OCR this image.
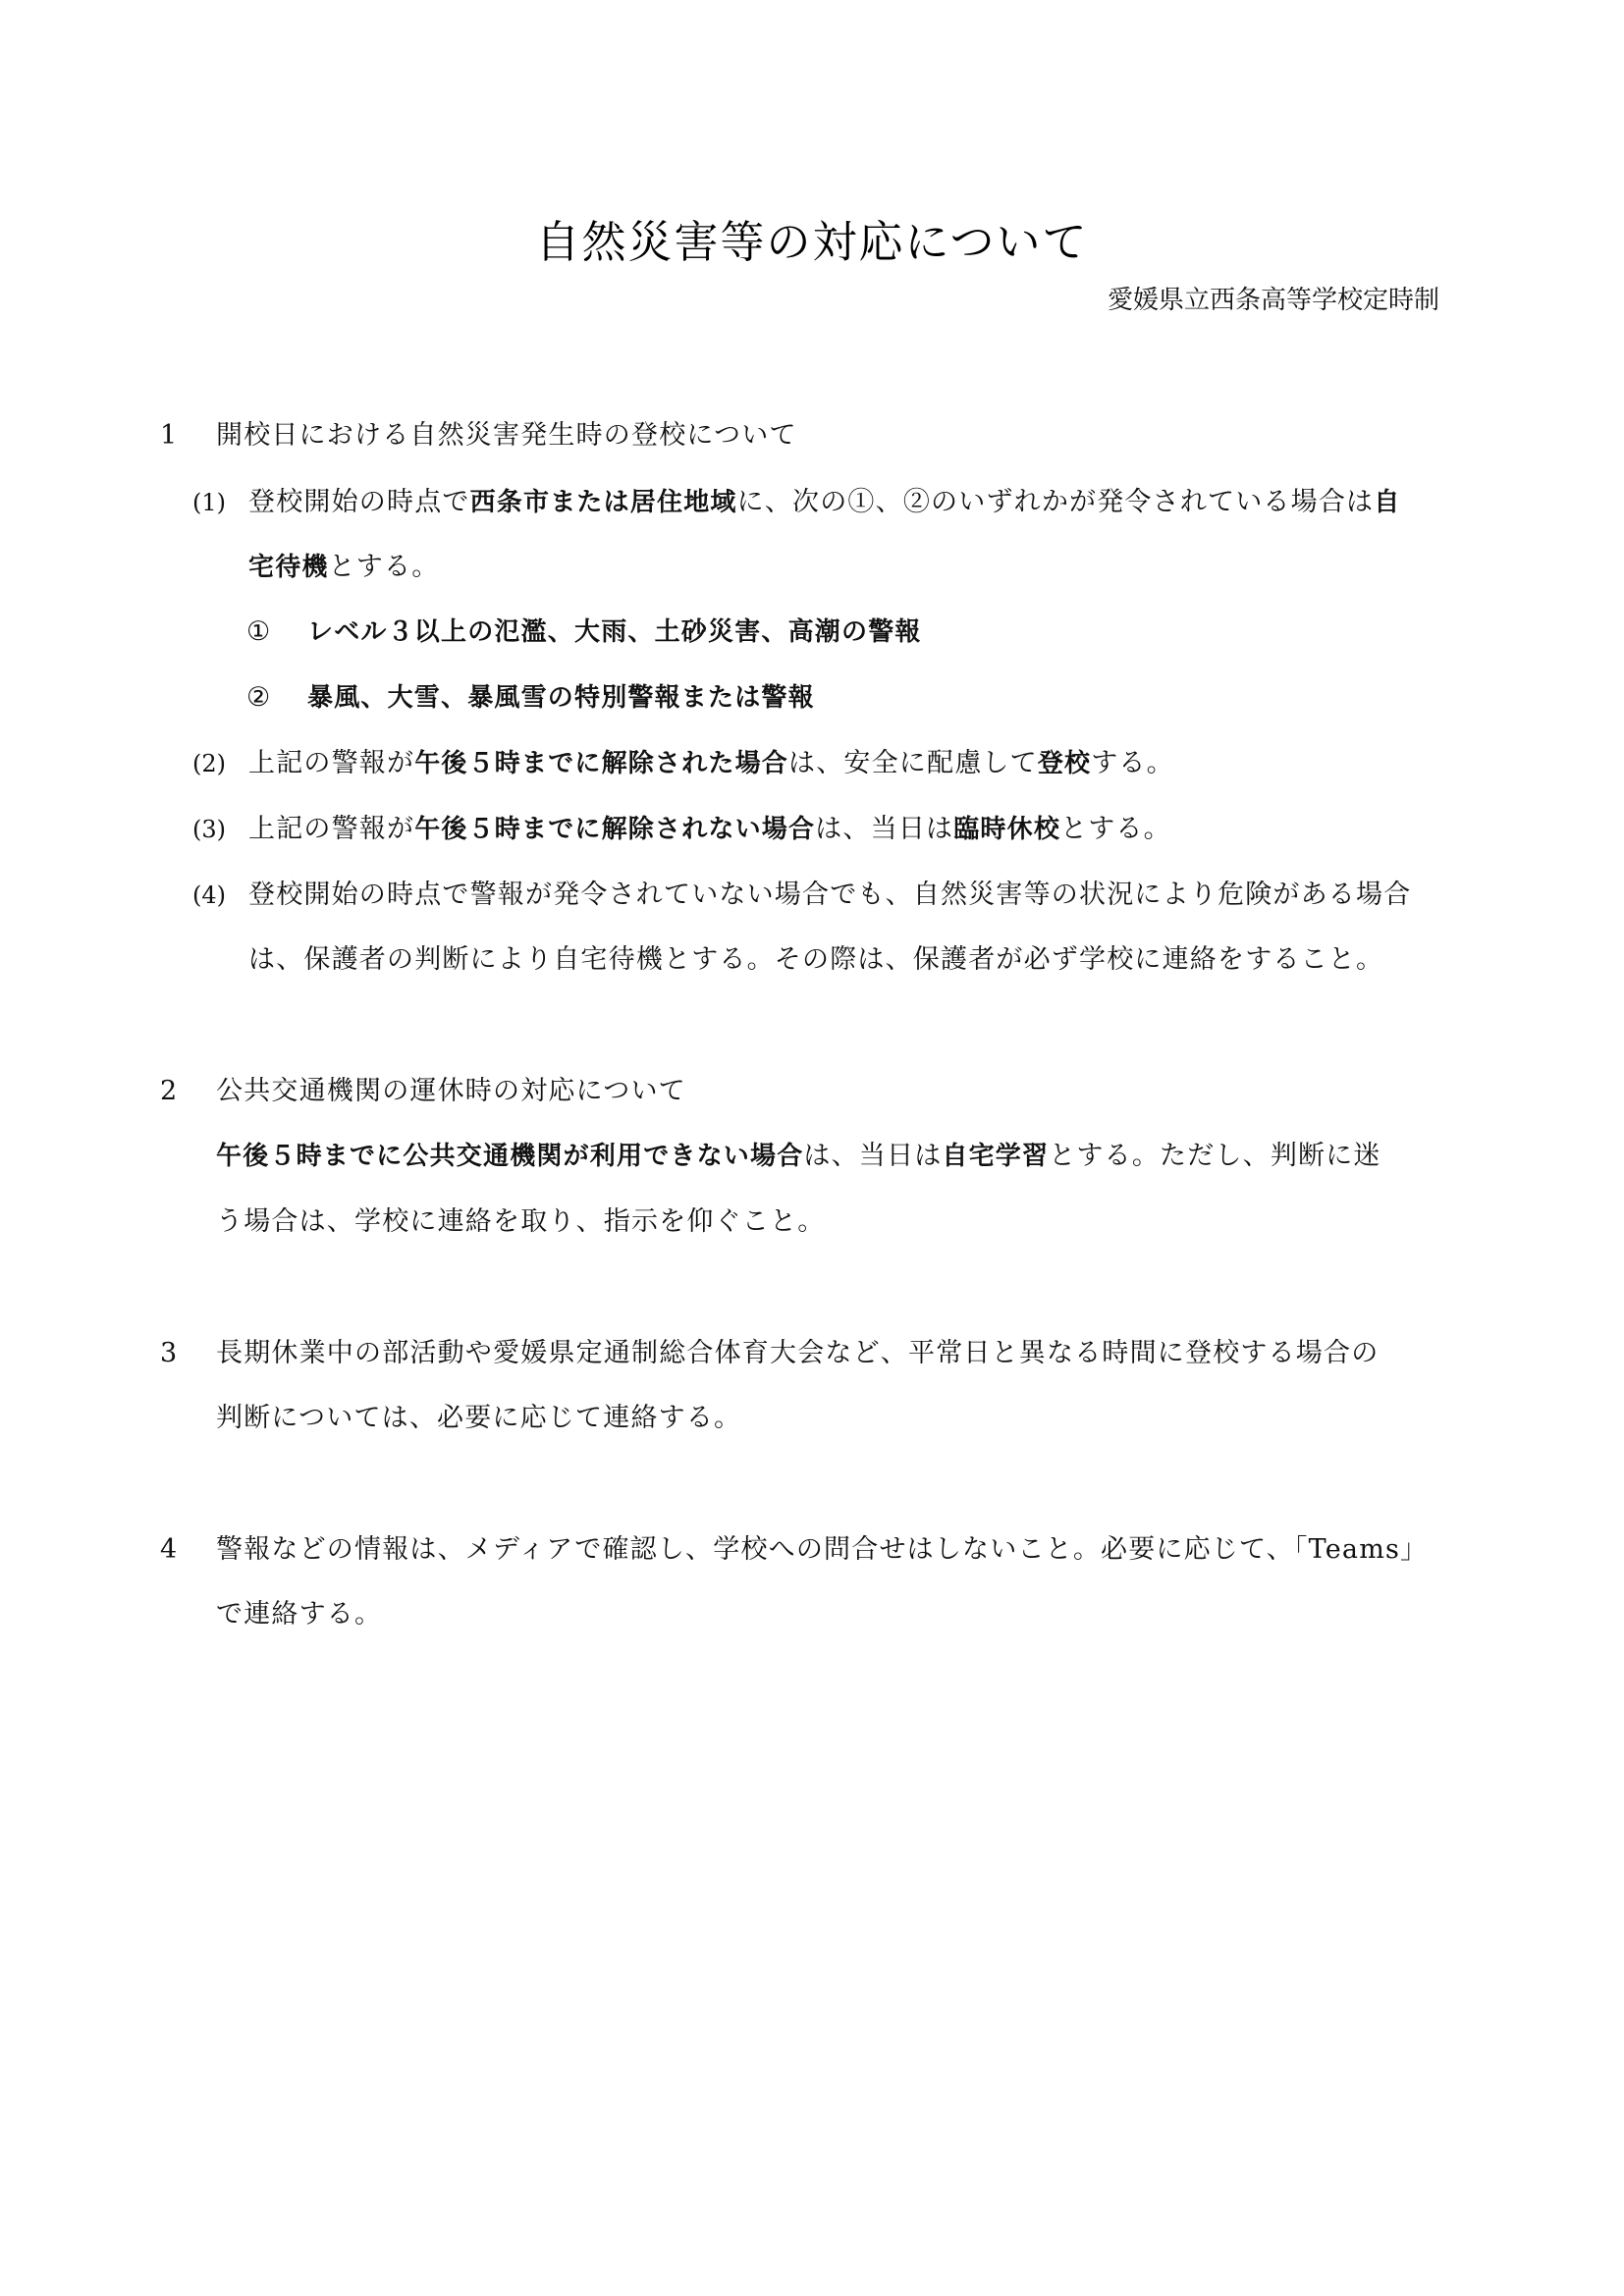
自然災害等の対応について
愛媛県立西条高等学校定時制
1 開校日における自然災害発生時の登校について
(1) 登校開始の時点で西条市または居住地域に、次の①、②のいずれかが発令されている場合は自
宅待機とする。
① レベル３以上の氾濫、大雨、土砂災害、高潮の警報
② 暴風、大雪、暴風雪の特別警報または警報
(2) 上記の警報が午後５時までに解除された場合は、安全に配慮して登校する。
(3) 上記の警報が午後５時までに解除されない場合は、当日は臨時休校とする。
(4) 登校開始の時点で警報が発令されていない場合でも、自然災害等の状況により危険がある場合
は、保護者の判断により自宅待機とする。その際は、保護者が必ず学校に連絡をすること。
2 公共交通機関の運休時の対応について
午後５時までに公共交通機関が利用できない場合は、当日は自宅学習とする。ただし、判断に迷
う場合は、学校に連絡を取り、指示を仰ぐこと。
3 長期休業中の部活動や愛媛県定通制総合体育大会など、平常日と異なる時間に登校する場合の
判断については、必要に応じて連絡する。
4 警報などの情報は、メディアで確認し、学校への問合せはしないこと。必要に応じて、「Teams」
で連絡する。
